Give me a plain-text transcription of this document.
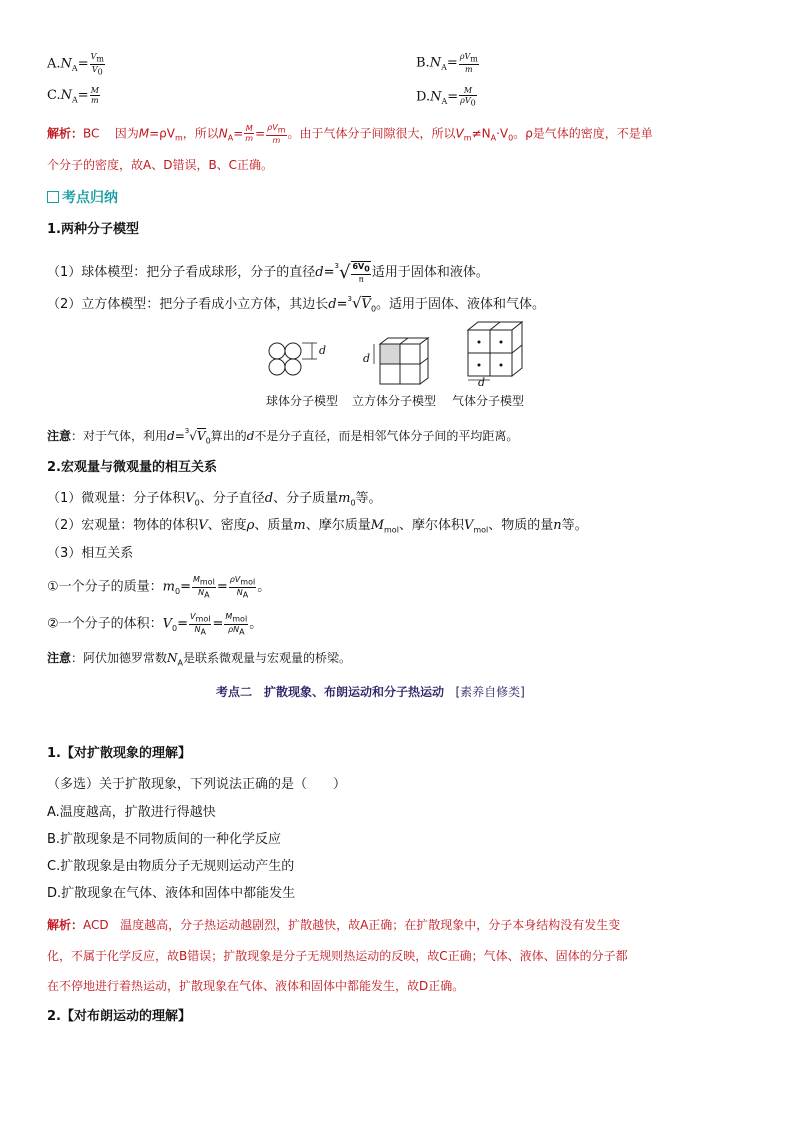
$A.N_A= \frac{V_m}{V_0}$	$B.N_A= \frac{\rho V_m}{m}$
$C.N_A= \frac{M}{m}$	$D.N_A= \frac{M}{\rho V_0}$
解析：BC 因为$M=\rho V_m$，所以$N_A= \frac{M}{m} = \frac{\rho V_m}{m}$ 。由于气体分子间隙很大，所以$V_m\ne N_A\cdot V_0$。ρ是气体的密度，不是单
个分子的密度，故A、D错误，B、C正确。
考点归纳
1.两种分子模型
（1）球体模型：把分子看成球形，分子的直径$d=^3√ \frac{6V_0}{\pi}$ 适用于固体和液体。
（2）立方体模型：把分子看成小立方体，其边长$d=^3√V_0$。适用于固体、液体和气体。
d
d
d
球体分子模型 立方体分子模型 气体分子模型
注意：对于气体，利用$d=^3√V_0$算出的d不是分子直径，而是相邻气体分子间的平均距离。
2.宏观量与微观量的相互关系
（1）微观量：分子体积$V_0$、分子直径d、分子质量$m_0$等。
（2）宏观量：物体的体积V、密度ρ、质量m、摩尔质量$M_{mol}$、摩尔体积$V_{mol}$、物质的量n等。
（3）相互关系
①一个分子的质量：$m_0= \frac{M_{mol}}{N_A} = \frac{\rho V_{mol}}{N_A}$ 。
②一个分子的体积：$V_0= \frac{V_{mol}}{N_A} = \frac{M_{mol}}{\rho N_A}$ 。
注意：阿伏加德罗常数$N_A$是联系微观量与宏观量的桥梁。
考点二　扩散现象、布朗运动和分子热运动 [素养自修类]
1.【对扩散现象的理解】
（多选）关于扩散现象，下列说法正确的是（　　）
A.温度越高，扩散进行得越快
B.扩散现象是不同物质间的一种化学反应
C.扩散现象是由物质分子无规则运动产生的
D.扩散现象在气体、液体和固体中都能发生
解析：ACD 温度越高，分子热运动越剧烈，扩散越快，故A正确；在扩散现象中，分子本身结构没有发生变
化，不属于化学反应，故B错误；扩散现象是分子无规则热运动的反映，故C正确；气体、液体、固体的分子都
在不停地进行着热运动，扩散现象在气体、液体和固体中都能发生，故D正确。
2.【对布朗运动的理解】
